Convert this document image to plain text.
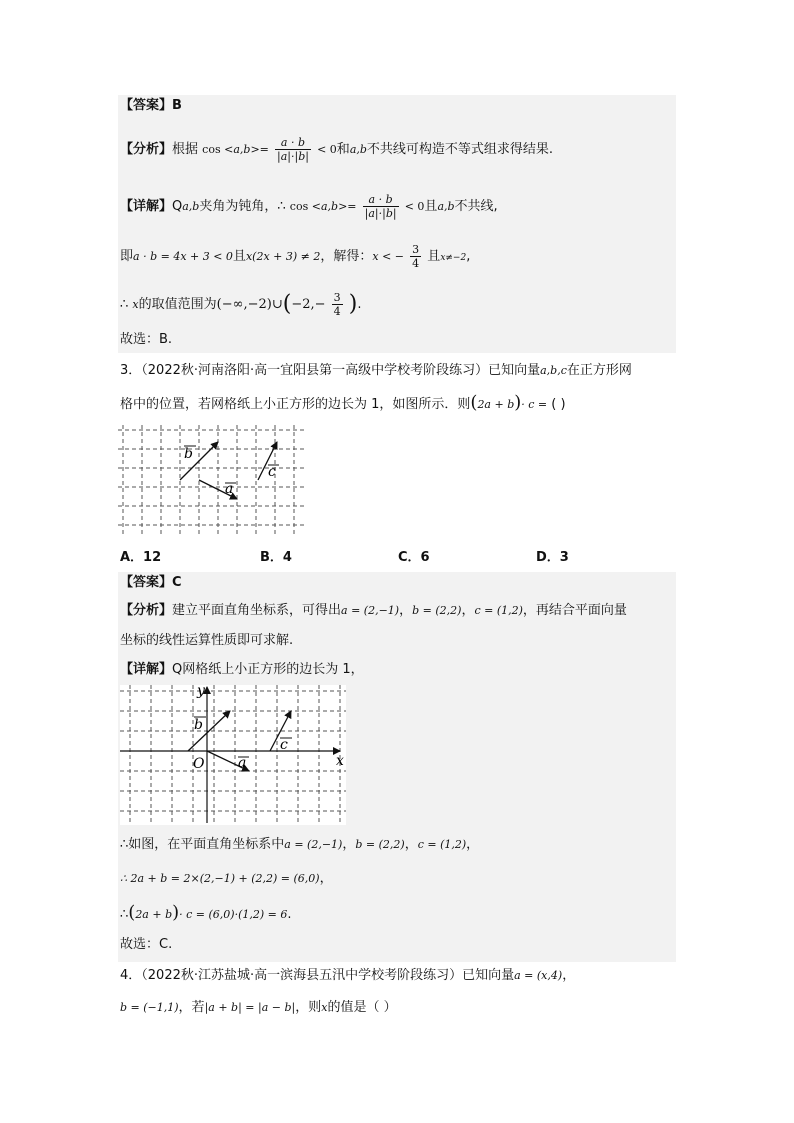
【答案】B
【分析】根据 $\cos <a,b>= \frac{a \cdot b}{|a|\cdot|b|} < 0$和a,b不共线可构造不等式组求得结果.
【详解】Qa,b夹角为钝角，∴ $\cos <a,b>= \frac{a \cdot b}{|a|\cdot|b|} < 0$且a,b不共线,
即a · b = 4x + 3 < 0且x(2x + 3) ≠ 2，解得：x < − $\frac{3}{4}$ 且x≠−2,
∴ x的取值范围为(−∞,−2)∪(−2,− $\frac{3}{4}$ ).
故选：B.
3．（2022秋·河南洛阳·高一宜阳县第一高级中学校考阶段练习）已知向量a,b,c在正方形网
格中的位置，若网格纸上小正方形的边长为 1，如图所示．则(2a + b)· c = ( )
b
a
c
A．12	B．4	C．6	D．3
【答案】C
【分析】建立平面直角坐标系，可得出a = (2,−1)，b = (2,2)，c = (1,2)，再结合平面向量
坐标的线性运算性质即可求解.
【详解】Q网格纸上小正方形的边长为 1，
x
y
O
b
a
c
∴如图，在平面直角坐标系中a = (2,−1)，b = (2,2)，c = (1,2)，
∴ 2a + b = 2×(2,−1) + (2,2) = (6,0)，
∴(2a + b)· c = (6,0)·(1,2) = 6.
故选：C.
4．（2022秋·江苏盐城·高一滨海县五汛中学校考阶段练习）已知向量a = (x,4)，
b = (−1,1)，若|a + b| = |a − b|，则x的值是（ ）
